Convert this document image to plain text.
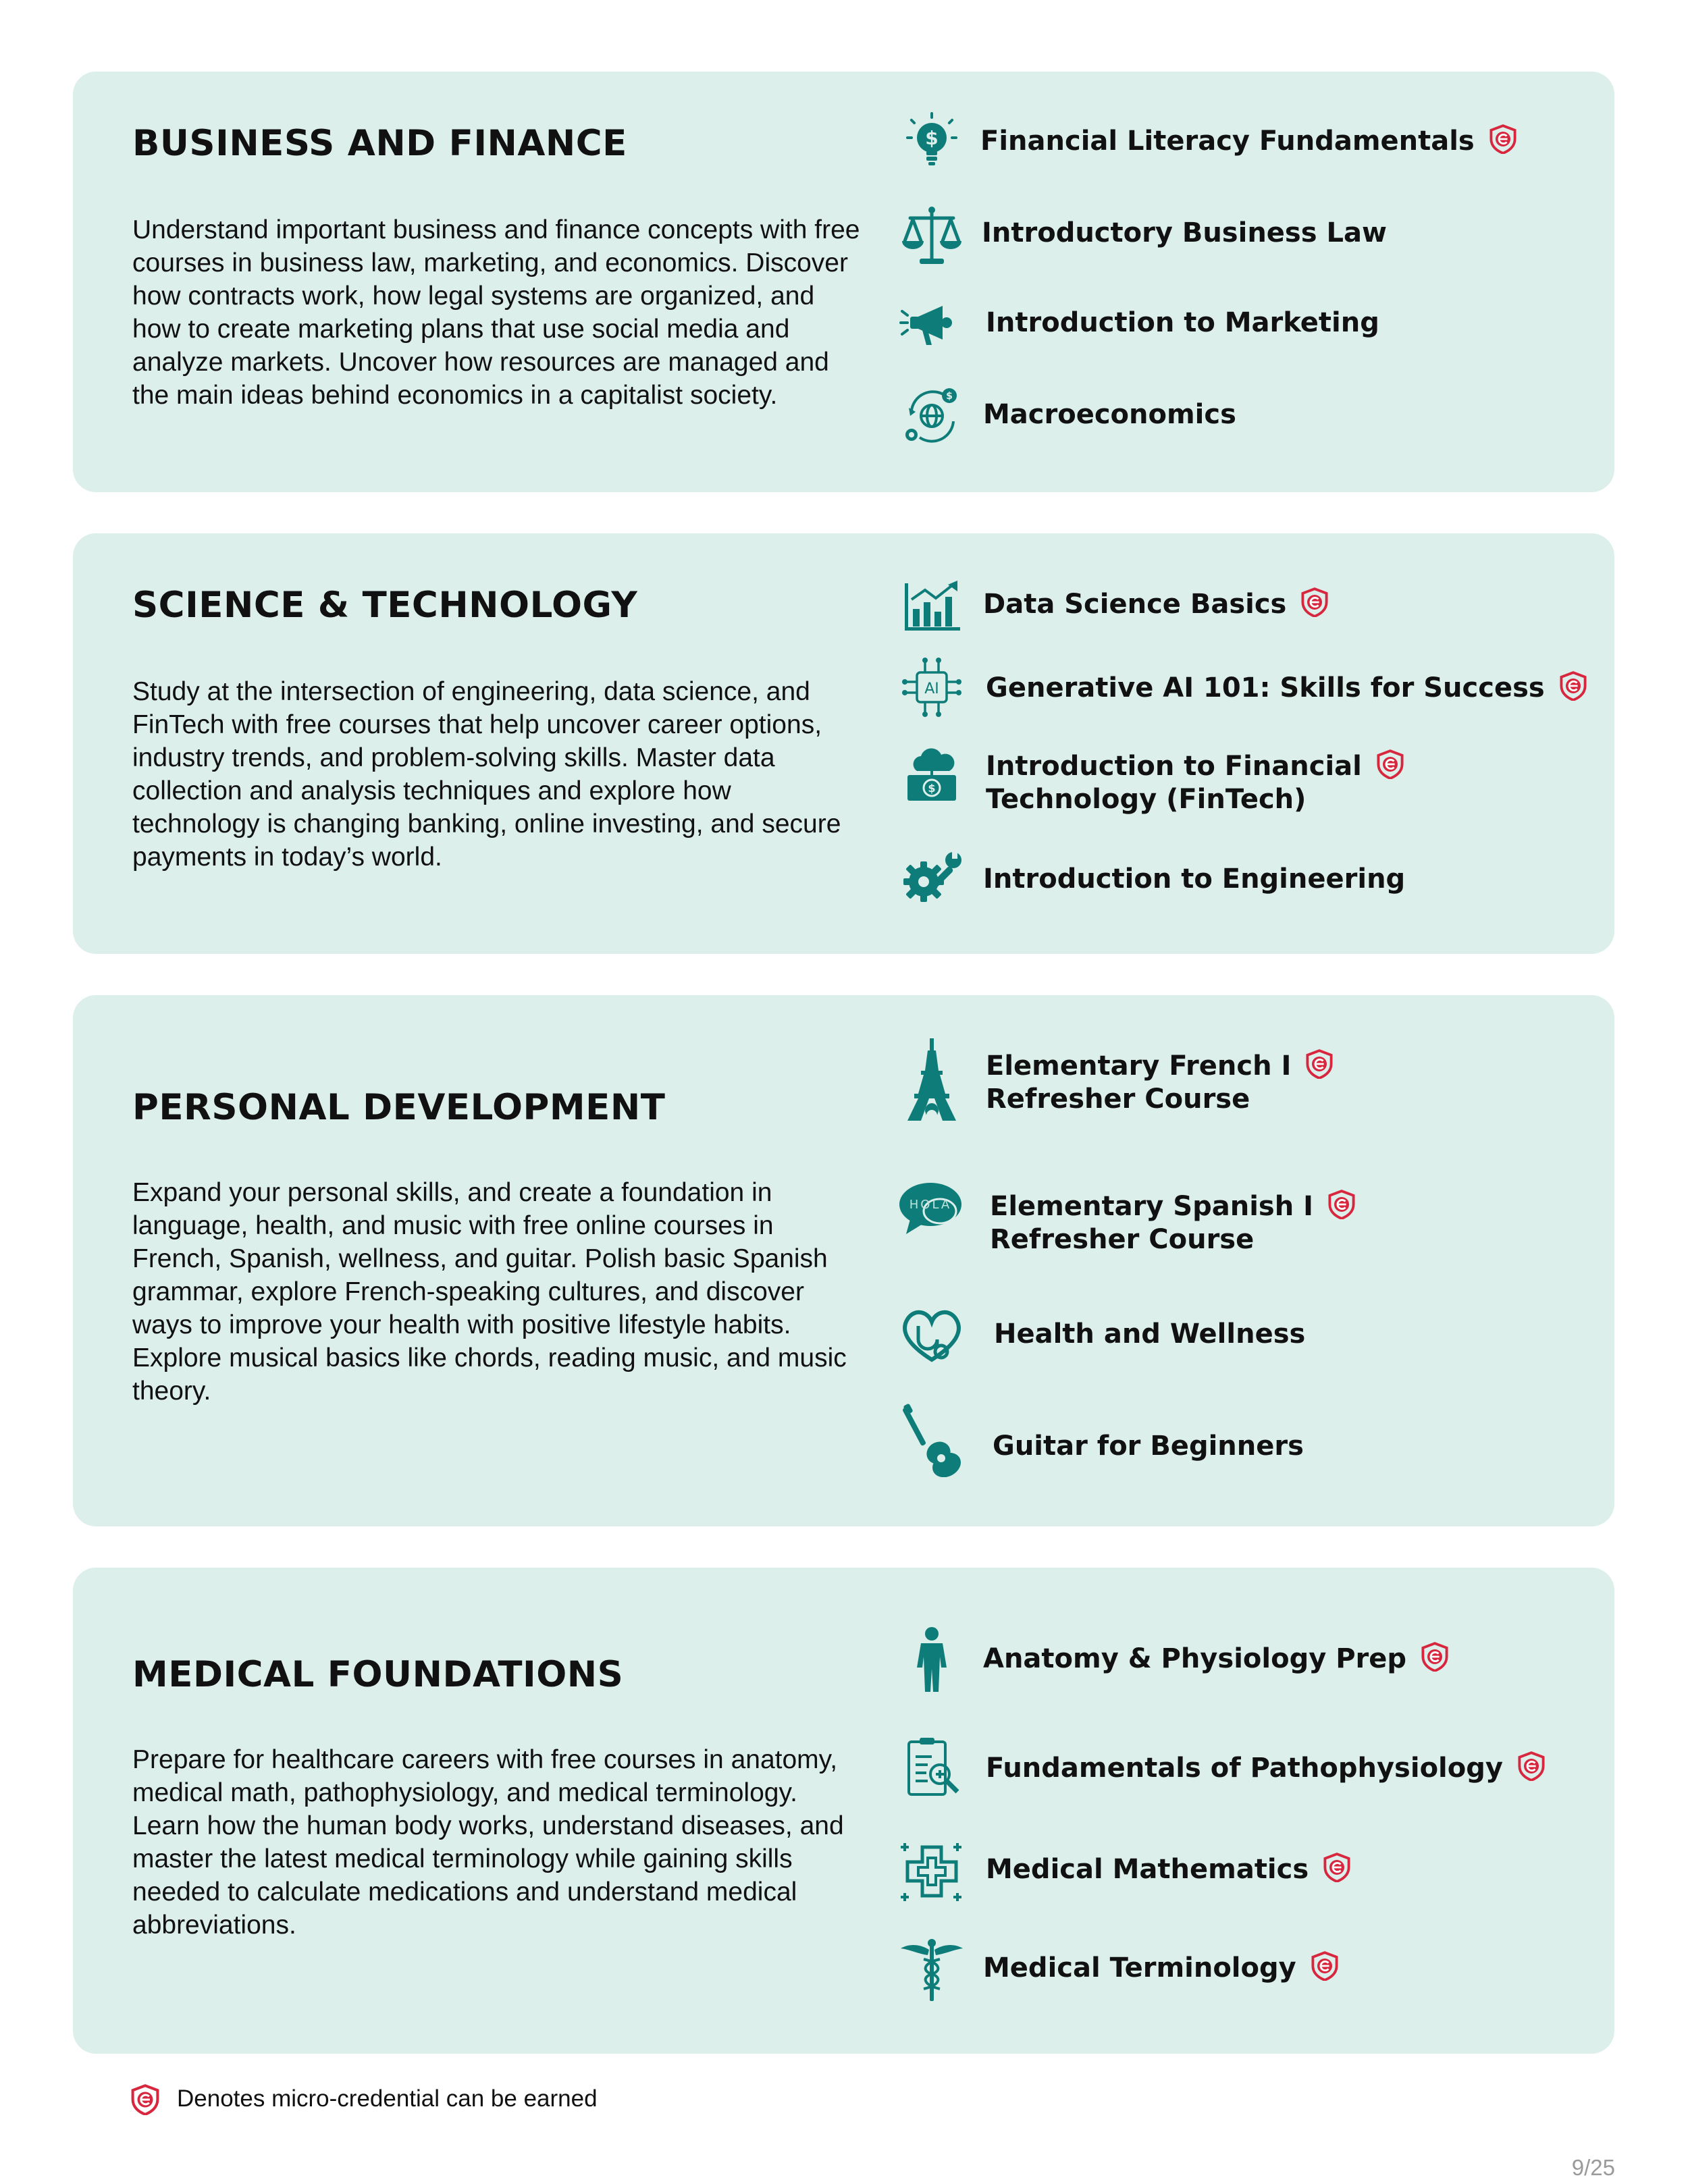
BUSINESS AND FINANCE

Understand important business and finance concepts with free courses in business law, marketing, and economics. Discover how contracts work, how legal systems are organized, and how to create marketing plans that use social media and analyze markets. Uncover how resources are managed and the main ideas behind economics in a capitalist society.

$ Financial Literacy Fundamentals
Introductory Business Law
Introduction to Marketing
$
Macroeconomics
SCIENCE & TECHNOLOGY

Study at the intersection of engineering, data science, and FinTech with free courses that help uncover career options, industry trends, and problem-solving skills. Master data collection and analysis techniques and explore how technology is changing banking, online investing, and secure payments in today’s world.

Data Science Basics
AI Generative AI 101: Skills for Success
$
Introduction to Financial

Technology (FinTech)
Introduction to Engineering
PERSONAL DEVELOPMENT

Expand your personal skills, and create a foundation in language, health, and music with free online courses in French, Spanish, wellness, and guitar. Polish basic Spanish grammar, explore French-speaking cultures, and discover ways to improve your health with positive lifestyle habits. Explore musical basics like chords, reading music, and music theory.

Elementary French I

Refresher Course
HOLA Elementary Spanish I

Refresher Course
Health and Wellness
Guitar for Beginners
MEDICAL FOUNDATIONS

Prepare for healthcare careers with free courses in anatomy, medical math, pathophysiology, and medical terminology. Learn how the human body works, understand diseases, and master the latest medical terminology while gaining skills needed to calculate medications and understand medical abbreviations.

Anatomy & Physiology Prep
Fundamentals of Pathophysiology
Medical Mathematics
Medical Terminology
Denotes micro-credential can be earned
9/25
